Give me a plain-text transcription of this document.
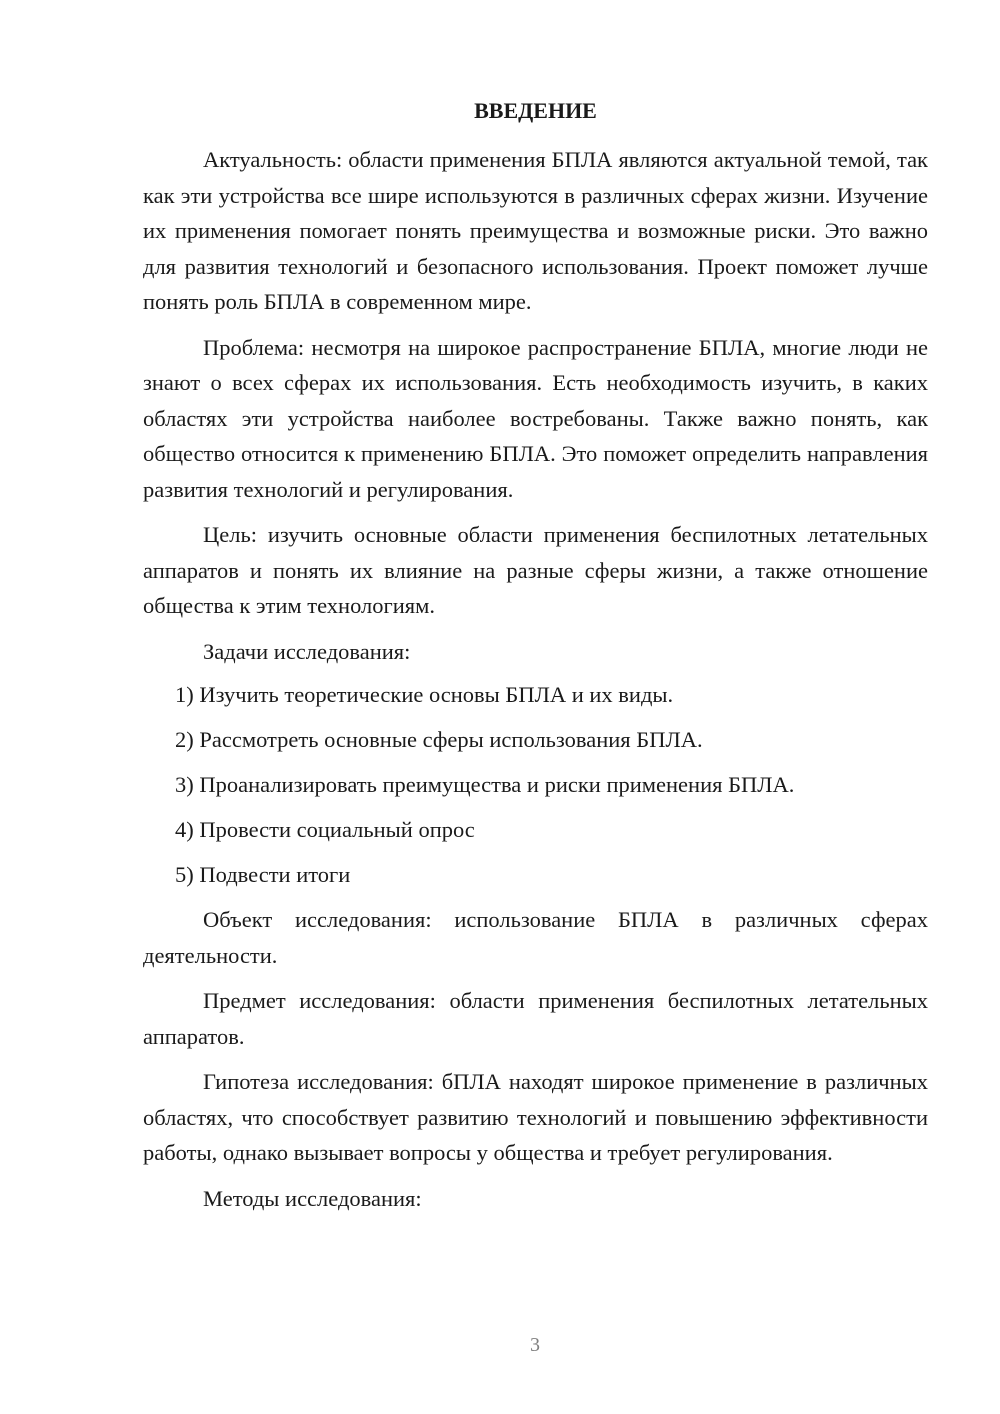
ВВЕДЕНИЕ

Актуальность: области применения БПЛА являются актуальной темой, так как эти устройства все шире используются в различных сферах жизни. Изучение их применения помогает понять преимущества и возможные риски. Это важно для развития технологий и безопасного использования. Проект поможет лучше понять роль БПЛА в современном мире.

Проблема: несмотря на широкое распространение БПЛА, многие люди не знают о всех сферах их использования. Есть необходимость изучить, в каких областях эти устройства наиболее востребованы. Также важно понять, как общество относится к применению БПЛА. Это поможет определить направления развития технологий и регулирования.

Цель: изучить основные области применения беспилотных летательных аппаратов и понять их влияние на разные сферы жизни, а также отношение общества к этим технологиям.

Задачи исследования:

1) Изучить теоретические основы БПЛА и их виды.
2) Рассмотреть основные сферы использования БПЛА.
3) Проанализировать преимущества и риски применения БПЛА.
4) Провести социальный опрос
5) Подвести итоги

Объект исследования: использование БПЛА в различных сферах деятельности.

Предмет исследования: области применения беспилотных летательных аппаратов.

Гипотеза исследования: бПЛА находят широкое применение в различных областях, что способствует развитию технологий и повышению эффективности работы, однако вызывает вопросы у общества и требует регулирования.

Методы исследования:

3
